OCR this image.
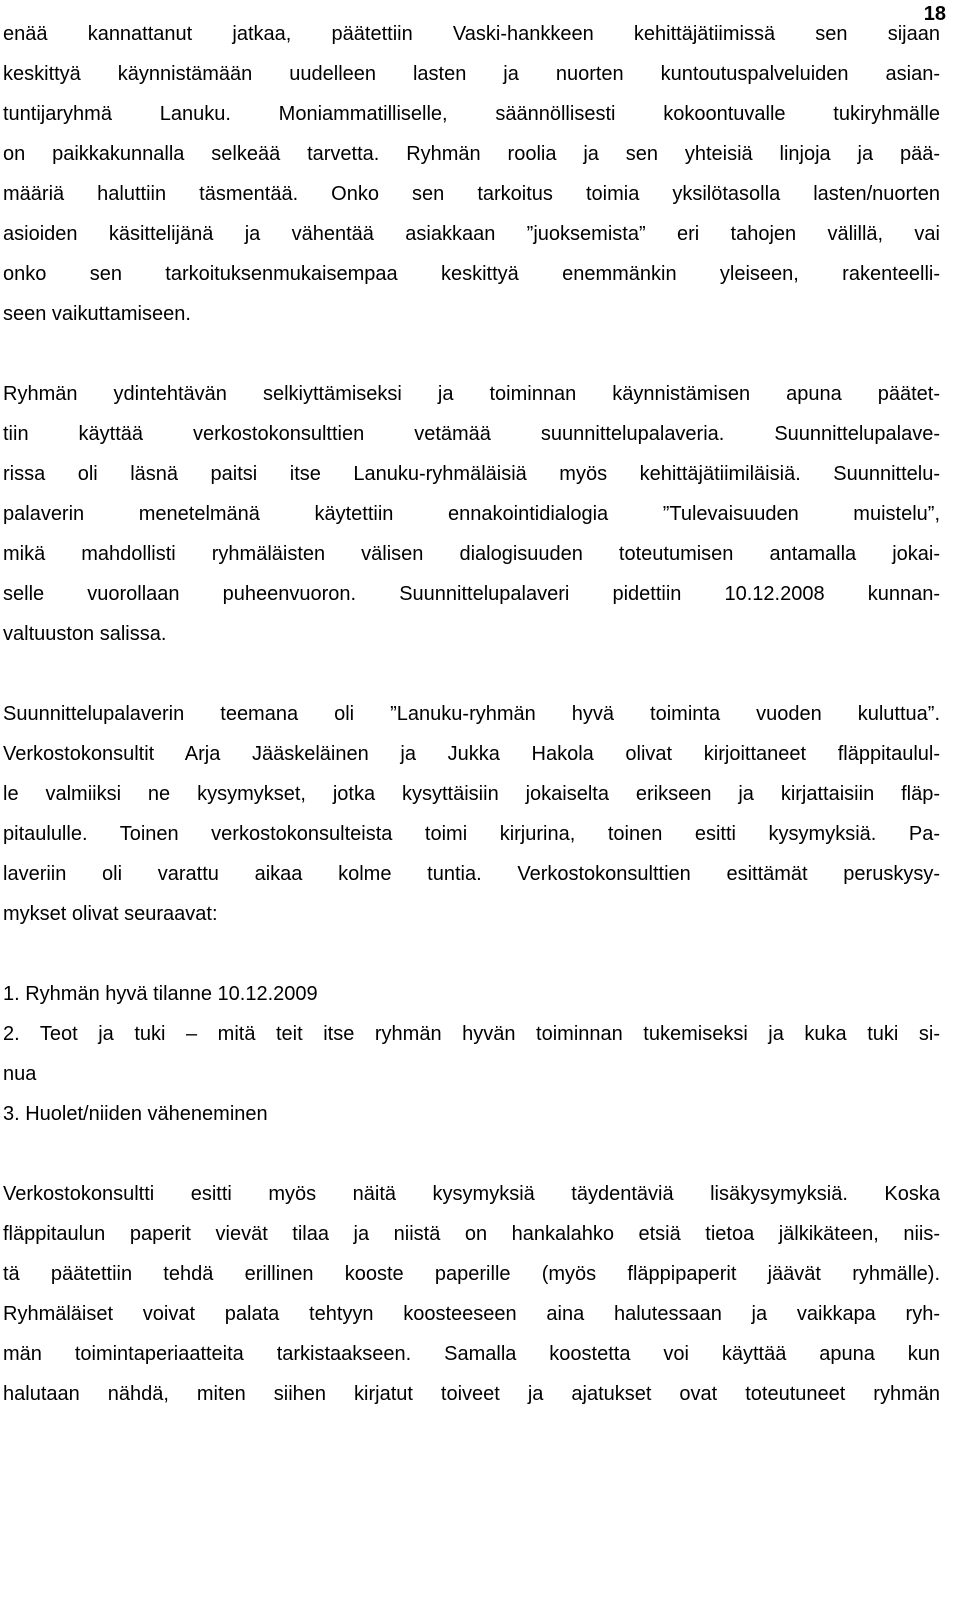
18
enää kannattanut jatkaa, päätettiin Vaski-hankkeen kehittäjätiimissä sen sijaan
keskittyä käynnistämään uudelleen lasten ja nuorten kuntoutuspalveluiden asian-
tuntijaryhmä Lanuku. Moniammatilliselle, säännöllisesti kokoontuvalle tukiryhmälle
on paikkakunnalla selkeää tarvetta. Ryhmän roolia ja sen yhteisiä linjoja ja pää-
määriä haluttiin täsmentää. Onko sen tarkoitus toimia yksilötasolla lasten/nuorten
asioiden käsittelijänä ja vähentää asiakkaan ”juoksemista” eri tahojen välillä, vai
onko sen tarkoituksenmukaisempaa keskittyä enemmänkin yleiseen, rakenteelli-
seen vaikuttamiseen.
Ryhmän ydintehtävän selkiyttämiseksi ja toiminnan käynnistämisen apuna päätet-
tiin käyttää verkostokonsulttien vetämää suunnittelupalaveria. Suunnittelupalave-
rissa oli läsnä paitsi itse Lanuku-ryhmäläisiä myös kehittäjätiimiläisiä. Suunnittelu-
palaverin menetelmänä käytettiin ennakointidialogia ”Tulevaisuuden muistelu”,
mikä mahdollisti ryhmäläisten välisen dialogisuuden toteutumisen antamalla jokai-
selle vuorollaan puheenvuoron. Suunnittelupalaveri pidettiin 10.12.2008 kunnan-
valtuuston salissa.
Suunnittelupalaverin teemana oli ”Lanuku-ryhmän hyvä toiminta vuoden kuluttua”.
Verkostokonsultit Arja Jääskeläinen ja Jukka Hakola olivat kirjoittaneet fläppitaulul-
le valmiiksi ne kysymykset, jotka kysyttäisiin jokaiselta erikseen ja kirjattaisiin fläp-
pitaululle. Toinen verkostokonsulteista toimi kirjurina, toinen esitti kysymyksiä. Pa-
laveriin oli varattu aikaa kolme tuntia. Verkostokonsulttien esittämät peruskysy-
mykset olivat seuraavat:
1. Ryhmän hyvä tilanne 10.12.2009
2. Teot ja tuki – mitä teit itse ryhmän hyvän toiminnan tukemiseksi ja kuka tuki si-
nua
3. Huolet/niiden väheneminen
Verkostokonsultti esitti myös näitä kysymyksiä täydentäviä lisäkysymyksiä. Koska
fläppitaulun paperit vievät tilaa ja niistä on hankalahko etsiä tietoa jälkikäteen, niis-
tä päätettiin tehdä erillinen kooste paperille (myös fläppipaperit jäävät ryhmälle).
Ryhmäläiset voivat palata tehtyyn koosteeseen aina halutessaan ja vaikkapa ryh-
män toimintaperiaatteita tarkistaakseen. Samalla koostetta voi käyttää apuna kun
halutaan nähdä, miten siihen kirjatut toiveet ja ajatukset ovat toteutuneet ryhmän
